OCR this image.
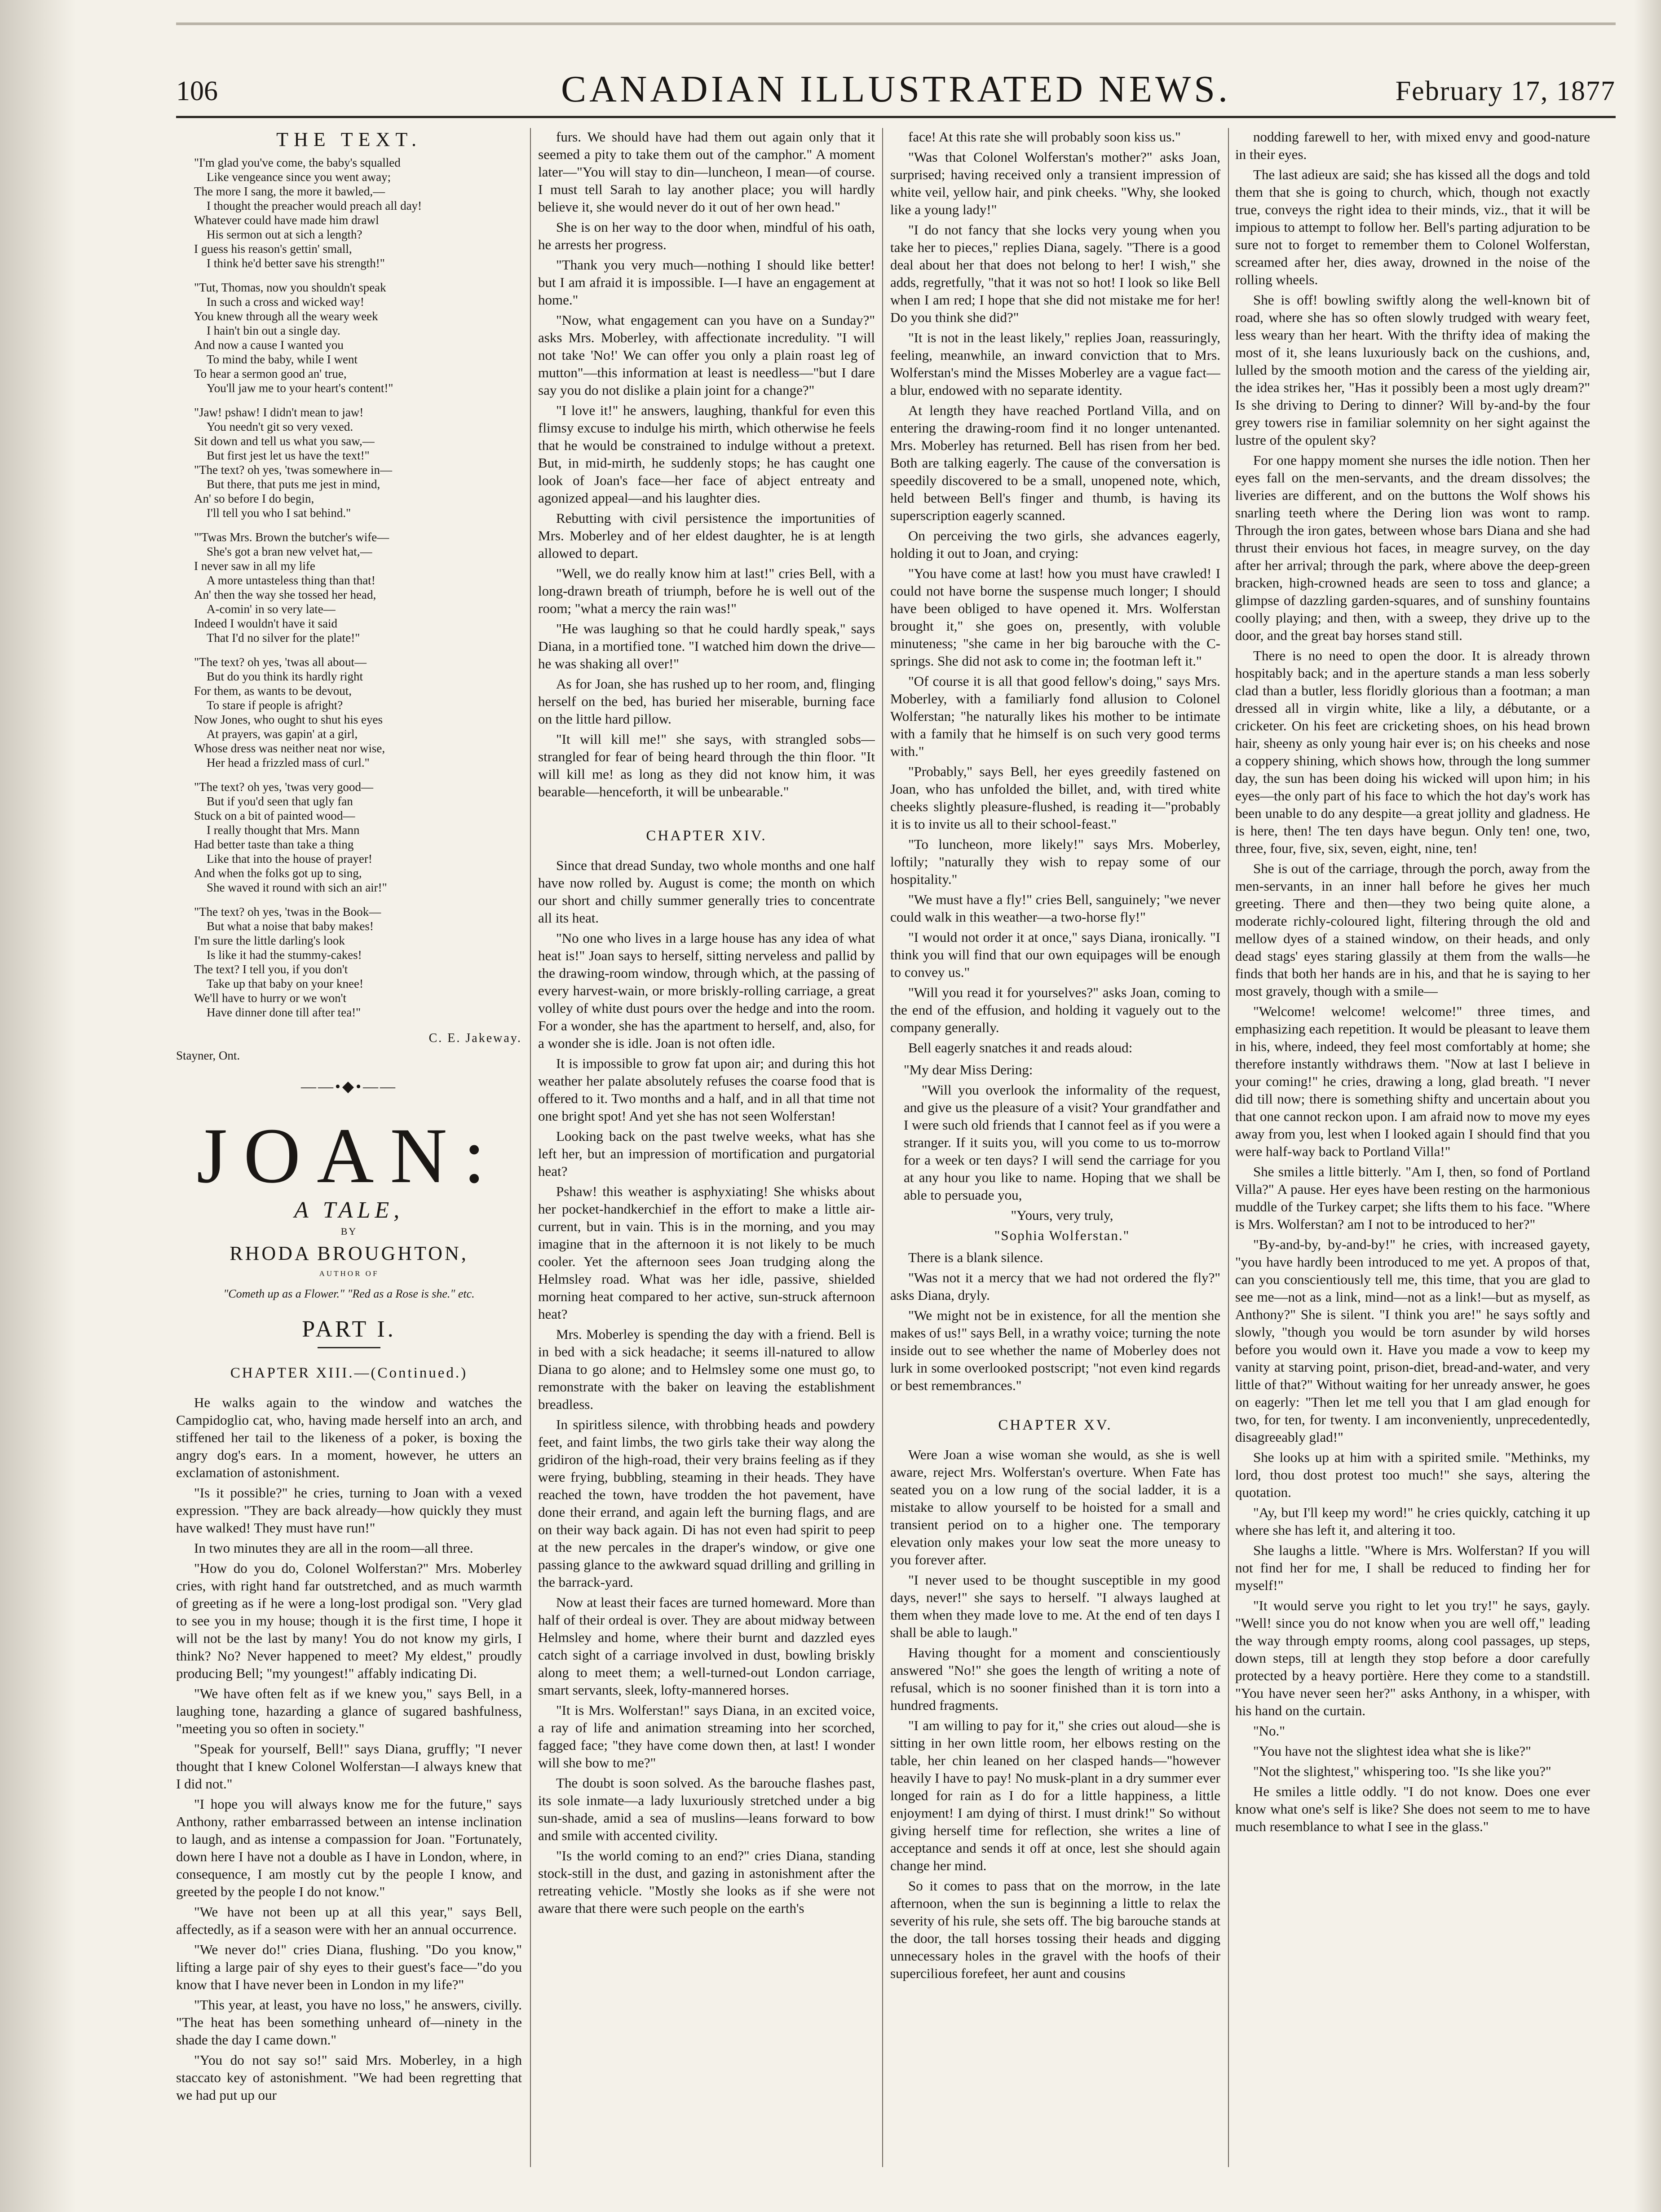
106	CANADIAN ILLUSTRATED NEWS.	February 17, 1877
THE TEXT.
"I'm glad you've come, the baby's squalled
Like vengeance since you went away;
The more I sang, the more it bawled,—
I thought the preacher would preach all day!
Whatever could have made him drawl
His sermon out at sich a length?
I guess his reason's gettin' small,
I think he'd better save his strength!"
"Tut, Thomas, now you shouldn't speak
In such a cross and wicked way!
You knew through all the weary week
I hain't bin out a single day.
And now a cause I wanted you
To mind the baby, while I went
To hear a sermon good an' true,
You'll jaw me to your heart's content!"
"Jaw! pshaw! I didn't mean to jaw!
You needn't git so very vexed.
Sit down and tell us what you saw,—
But first jest let us have the text!"
"The text? oh yes, 'twas somewhere in—
But there, that puts me jest in mind,
An' so before I do begin,
I'll tell you who I sat behind."
"'Twas Mrs. Brown the butcher's wife—
She's got a bran new velvet hat,—
I never saw in all my life
A more untasteless thing than that!
An' then the way she tossed her head,
A-comin' in so very late—
Indeed I wouldn't have it said
That I'd no silver for the plate!"
"The text? oh yes, 'twas all about—
But do you think its hardly right
For them, as wants to be devout,
To stare if people is afright?
Now Jones, who ought to shut his eyes
At prayers, was gapin' at a girl,
Whose dress was neither neat nor wise,
Her head a frizzled mass of curl."
"The text? oh yes, 'twas very good—
But if you'd seen that ugly fan
Stuck on a bit of painted wood—
I really thought that Mrs. Mann
Had better taste than take a thing
Like that into the house of prayer!
And when the folks got up to sing,
She waved it round with sich an air!"
"The text? oh yes, 'twas in the Book—
But what a noise that baby makes!
I'm sure the little darling's look
Is like it had the stummy-cakes!
The text? I tell you, if you don't
Take up that baby on your knee!
We'll have to hurry or we won't
Have dinner done till after tea!"
C. E. Jakeway.
Stayner, Ont.
——•◆•——
JOAN:
A TALE,
BY
RHODA BROUGHTON,
AUTHOR OF
"Cometh up as a Flower." "Red as a Rose is she." etc.
PART I.
CHAPTER XIII.—(Continued.)

He walks again to the window and watches the Campidoglio cat, who, having made herself into an arch, and stiffened her tail to the likeness of a poker, is boxing the angry dog's ears. In a moment, however, he utters an exclamation of astonishment.

"Is it possible?" he cries, turning to Joan with a vexed expression. "They are back already—how quickly they must have walked! They must have run!"

In two minutes they are all in the room—all three.

"How do you do, Colonel Wolferstan?" Mrs. Moberley cries, with right hand far outstretched, and as much warmth of greeting as if he were a long-lost prodigal son. "Very glad to see you in my house; though it is the first time, I hope it will not be the last by many! You do not know my girls, I think? No? Never happened to meet? My eldest," proudly producing Bell; "my youngest!" affably indicating Di.

"We have often felt as if we knew you," says Bell, in a laughing tone, hazarding a glance of sugared bashfulness, "meeting you so often in society."

"Speak for yourself, Bell!" says Diana, gruffly; "I never thought that I knew Colonel Wolferstan—I always knew that I did not."

"I hope you will always know me for the future," says Anthony, rather embarrassed between an intense inclination to laugh, and as intense a compassion for Joan. "Fortunately, down here I have not a double as I have in London, where, in consequence, I am mostly cut by the people I know, and greeted by the people I do not know."

"We have not been up at all this year," says Bell, affectedly, as if a season were with her an annual occurrence.

"We never do!" cries Diana, flushing. "Do you know," lifting a large pair of shy eyes to their guest's face—"do you know that I have never been in London in my life?"

"This year, at least, you have no loss," he answers, civilly. "The heat has been something unheard of—ninety in the shade the day I came down."

"You do not say so!" said Mrs. Moberley, in a high staccato key of astonishment. "We had been regretting that we had put up our

furs. We should have had them out again only that it seemed a pity to take them out of the camphor." A moment later—"You will stay to din—luncheon, I mean—of course. I must tell Sarah to lay another place; you will hardly believe it, she would never do it out of her own head."

She is on her way to the door when, mindful of his oath, he arrests her progress.

"Thank you very much—nothing I should like better! but I am afraid it is impossible. I—I have an engagement at home."

"Now, what engagement can you have on a Sunday?" asks Mrs. Moberley, with affectionate incredulity. "I will not take 'No!' We can offer you only a plain roast leg of mutton"—this information at least is needless—"but I dare say you do not dislike a plain joint for a change?"

"I love it!" he answers, laughing, thankful for even this flimsy excuse to indulge his mirth, which otherwise he feels that he would be constrained to indulge without a pretext. But, in mid-mirth, he suddenly stops; he has caught one look of Joan's face—her face of abject entreaty and agonized appeal—and his laughter dies.

Rebutting with civil persistence the importunities of Mrs. Moberley and of her eldest daughter, he is at length allowed to depart.

"Well, we do really know him at last!" cries Bell, with a long-drawn breath of triumph, before he is well out of the room; "what a mercy the rain was!"

"He was laughing so that he could hardly speak," says Diana, in a mortified tone. "I watched him down the drive—he was shaking all over!"

As for Joan, she has rushed up to her room, and, flinging herself on the bed, has buried her miserable, burning face on the little hard pillow.

"It will kill me!" she says, with strangled sobs—strangled for fear of being heard through the thin floor. "It will kill me! as long as they did not know him, it was bearable—henceforth, it will be unbearable."

CHAPTER XIV.

Since that dread Sunday, two whole months and one half have now rolled by. August is come; the month on which our short and chilly summer generally tries to concentrate all its heat.

"No one who lives in a large house has any idea of what heat is!" Joan says to herself, sitting nerveless and pallid by the drawing-room window, through which, at the passing of every harvest-wain, or more briskly-rolling carriage, a great volley of white dust pours over the hedge and into the room. For a wonder, she has the apartment to herself, and, also, for a wonder she is idle. Joan is not often idle.

It is impossible to grow fat upon air; and during this hot weather her palate absolutely refuses the coarse food that is offered to it. Two months and a half, and in all that time not one bright spot! And yet she has not seen Wolferstan!

Looking back on the past twelve weeks, what has she left her, but an impression of mortification and purgatorial heat?

Pshaw! this weather is asphyxiating! She whisks about her pocket-handkerchief in the effort to make a little air-current, but in vain. This is in the morning, and you may imagine that in the afternoon it is not likely to be much cooler. Yet the afternoon sees Joan trudging along the Helmsley road. What was her idle, passive, shielded morning heat compared to her active, sun-struck afternoon heat?

Mrs. Moberley is spending the day with a friend. Bell is in bed with a sick headache; it seems ill-natured to allow Diana to go alone; and to Helmsley some one must go, to remonstrate with the baker on leaving the establishment breadless.

In spiritless silence, with throbbing heads and powdery feet, and faint limbs, the two girls take their way along the gridiron of the high-road, their very brains feeling as if they were frying, bubbling, steaming in their heads. They have reached the town, have trodden the hot pavement, have done their errand, and again left the burning flags, and are on their way back again. Di has not even had spirit to peep at the new percales in the draper's window, or give one passing glance to the awkward squad drilling and grilling in the barrack-yard.

Now at least their faces are turned homeward. More than half of their ordeal is over. They are about midway between Helmsley and home, where their burnt and dazzled eyes catch sight of a carriage involved in dust, bowling briskly along to meet them; a well-turned-out London carriage, smart servants, sleek, lofty-mannered horses.

"It is Mrs. Wolferstan!" says Diana, in an excited voice, a ray of life and animation streaming into her scorched, fagged face; "they have come down then, at last! I wonder will she bow to me?"

The doubt is soon solved. As the barouche flashes past, its sole inmate—a lady luxuriously stretched under a big sun-shade, amid a sea of muslins—leans forward to bow and smile with accented civility.

"Is the world coming to an end?" cries Diana, standing stock-still in the dust, and gazing in astonishment after the retreating vehicle. "Mostly she looks as if she were not aware that there were such people on the earth's

face! At this rate she will probably soon kiss us."

"Was that Colonel Wolferstan's mother?" asks Joan, surprised; having received only a transient impression of white veil, yellow hair, and pink cheeks. "Why, she looked like a young lady!"

"I do not fancy that she locks very young when you take her to pieces," replies Diana, sagely. "There is a good deal about her that does not belong to her! I wish," she adds, regretfully, "that it was not so hot! I look so like Bell when I am red; I hope that she did not mistake me for her! Do you think she did?"

"It is not in the least likely," replies Joan, reassuringly, feeling, meanwhile, an inward conviction that to Mrs. Wolferstan's mind the Misses Moberley are a vague fact—a blur, endowed with no separate identity.

At length they have reached Portland Villa, and on entering the drawing-room find it no longer untenanted. Mrs. Moberley has returned. Bell has risen from her bed. Both are talking eagerly. The cause of the conversation is speedily discovered to be a small, unopened note, which, held between Bell's finger and thumb, is having its superscription eagerly scanned.

On perceiving the two girls, she advances eagerly, holding it out to Joan, and crying:

"You have come at last! how you must have crawled! I could not have borne the suspense much longer; I should have been obliged to have opened it. Mrs. Wolferstan brought it," she goes on, presently, with voluble minuteness; "she came in her big barouche with the C-springs. She did not ask to come in; the footman left it."

"Of course it is all that good fellow's doing," says Mrs. Moberley, with a familiarly fond allusion to Colonel Wolferstan; "he naturally likes his mother to be intimate with a family that he himself is on such very good terms with."

"Probably," says Bell, her eyes greedily fastened on Joan, who has unfolded the billet, and, with tired white cheeks slightly pleasure-flushed, is reading it—"probably it is to invite us all to their school-feast."

"To luncheon, more likely!" says Mrs. Moberley, loftily; "naturally they wish to repay some of our hospitality."

"We must have a fly!" cries Bell, sanguinely; "we never could walk in this weather—a two-horse fly!"

"I would not order it at once," says Diana, ironically. "I think you will find that our own equipages will be enough to convey us."

"Will you read it for yourselves?" asks Joan, coming to the end of the effusion, and holding it vaguely out to the company generally.

Bell eagerly snatches it and reads aloud:

"My dear Miss Dering:

"Will you overlook the informality of the request, and give us the pleasure of a visit? Your grandfather and I were such old friends that I cannot feel as if you were a stranger. If it suits you, will you come to us to-morrow for a week or ten days? I will send the carriage for you at any hour you like to name. Hoping that we shall be able to persuade you,

"Yours, very truly,

"Sophia Wolferstan."

There is a blank silence.

"Was not it a mercy that we had not ordered the fly?" asks Diana, dryly.

"We might not be in existence, for all the mention she makes of us!" says Bell, in a wrathy voice; turning the note inside out to see whether the name of Moberley does not lurk in some overlooked postscript; "not even kind regards or best remembrances."

CHAPTER XV.

Were Joan a wise woman she would, as she is well aware, reject Mrs. Wolferstan's overture. When Fate has seated you on a low rung of the social ladder, it is a mistake to allow yourself to be hoisted for a small and transient period on to a higher one. The temporary elevation only makes your low seat the more uneasy to you forever after.

"I never used to be thought susceptible in my good days, never!" she says to herself. "I always laughed at them when they made love to me. At the end of ten days I shall be able to laugh."

Having thought for a moment and conscientiously answered "No!" she goes the length of writing a note of refusal, which is no sooner finished than it is torn into a hundred fragments.

"I am willing to pay for it," she cries out aloud—she is sitting in her own little room, her elbows resting on the table, her chin leaned on her clasped hands—"however heavily I have to pay! No musk-plant in a dry summer ever longed for rain as I do for a little happiness, a little enjoyment! I am dying of thirst. I must drink!" So without giving herself time for reflection, she writes a line of acceptance and sends it off at once, lest she should again change her mind.

So it comes to pass that on the morrow, in the late afternoon, when the sun is beginning a little to relax the severity of his rule, she sets off. The big barouche stands at the door, the tall horses tossing their heads and digging unnecessary holes in the gravel with the hoofs of their supercilious forefeet, her aunt and cousins

nodding farewell to her, with mixed envy and good-nature in their eyes.

The last adieux are said; she has kissed all the dogs and told them that she is going to church, which, though not exactly true, conveys the right idea to their minds, viz., that it will be impious to attempt to follow her. Bell's parting adjuration to be sure not to forget to remember them to Colonel Wolferstan, screamed after her, dies away, drowned in the noise of the rolling wheels.

She is off! bowling swiftly along the well-known bit of road, where she has so often slowly trudged with weary feet, less weary than her heart. With the thrifty idea of making the most of it, she leans luxuriously back on the cushions, and, lulled by the smooth motion and the caress of the yielding air, the idea strikes her, "Has it possibly been a most ugly dream?" Is she driving to Dering to dinner? Will by-and-by the four grey towers rise in familiar solemnity on her sight against the lustre of the opulent sky?

For one happy moment she nurses the idle notion. Then her eyes fall on the men-servants, and the dream dissolves; the liveries are different, and on the buttons the Wolf shows his snarling teeth where the Dering lion was wont to ramp. Through the iron gates, between whose bars Diana and she had thrust their envious hot faces, in meagre survey, on the day after her arrival; through the park, where above the deep-green bracken, high-crowned heads are seen to toss and glance; a glimpse of dazzling garden-squares, and of sunshiny fountains coolly playing; and then, with a sweep, they drive up to the door, and the great bay horses stand still.

There is no need to open the door. It is already thrown hospitably back; and in the aperture stands a man less soberly clad than a butler, less floridly glorious than a footman; a man dressed all in virgin white, like a lily, a débutante, or a cricketer. On his feet are cricketing shoes, on his head brown hair, sheeny as only young hair ever is; on his cheeks and nose a coppery shining, which shows how, through the long summer day, the sun has been doing his wicked will upon him; in his eyes—the only part of his face to which the hot day's work has been unable to do any despite—a great jollity and gladness. He is here, then! The ten days have begun. Only ten! one, two, three, four, five, six, seven, eight, nine, ten!

She is out of the carriage, through the porch, away from the men-servants, in an inner hall before he gives her much greeting. There and then—they two being quite alone, a moderate richly-coloured light, filtering through the old and mellow dyes of a stained window, on their heads, and only dead stags' eyes staring glassily at them from the walls—he finds that both her hands are in his, and that he is saying to her most gravely, though with a smile—

"Welcome! welcome! welcome!" three times, and emphasizing each repetition. It would be pleasant to leave them in his, where, indeed, they feel most comfortably at home; she therefore instantly withdraws them. "Now at last I believe in your coming!" he cries, drawing a long, glad breath. "I never did till now; there is something shifty and uncertain about you that one cannot reckon upon. I am afraid now to move my eyes away from you, lest when I looked again I should find that you were half-way back to Portland Villa!"

She smiles a little bitterly. "Am I, then, so fond of Portland Villa?" A pause. Her eyes have been resting on the harmonious muddle of the Turkey carpet; she lifts them to his face. "Where is Mrs. Wolferstan? am I not to be introduced to her?"

"By-and-by, by-and-by!" he cries, with increased gayety, "you have hardly been introduced to me yet. A propos of that, can you conscientiously tell me, this time, that you are glad to see me—not as a link, mind—not as a link!—but as myself, as Anthony?" She is silent. "I think you are!" he says softly and slowly, "though you would be torn asunder by wild horses before you would own it. Have you made a vow to keep my vanity at starving point, prison-diet, bread-and-water, and very little of that?" Without waiting for her unready answer, he goes on eagerly: "Then let me tell you that I am glad enough for two, for ten, for twenty. I am inconveniently, unprecedentedly, disagreeably glad!"

She looks up at him with a spirited smile. "Methinks, my lord, thou dost protest too much!" she says, altering the quotation.

"Ay, but I'll keep my word!" he cries quickly, catching it up where she has left it, and altering it too.

She laughs a little. "Where is Mrs. Wolferstan? If you will not find her for me, I shall be reduced to finding her for myself!"

"It would serve you right to let you try!" he says, gayly. "Well! since you do not know when you are well off," leading the way through empty rooms, along cool passages, up steps, down steps, till at length they stop before a door carefully protected by a heavy portière. Here they come to a standstill. "You have never seen her?" asks Anthony, in a whisper, with his hand on the curtain.

"No."

"You have not the slightest idea what she is like?"

"Not the slightest," whispering too. "Is she like you?"

He smiles a little oddly. "I do not know. Does one ever know what one's self is like? She does not seem to me to have much resemblance to what I see in the glass."
